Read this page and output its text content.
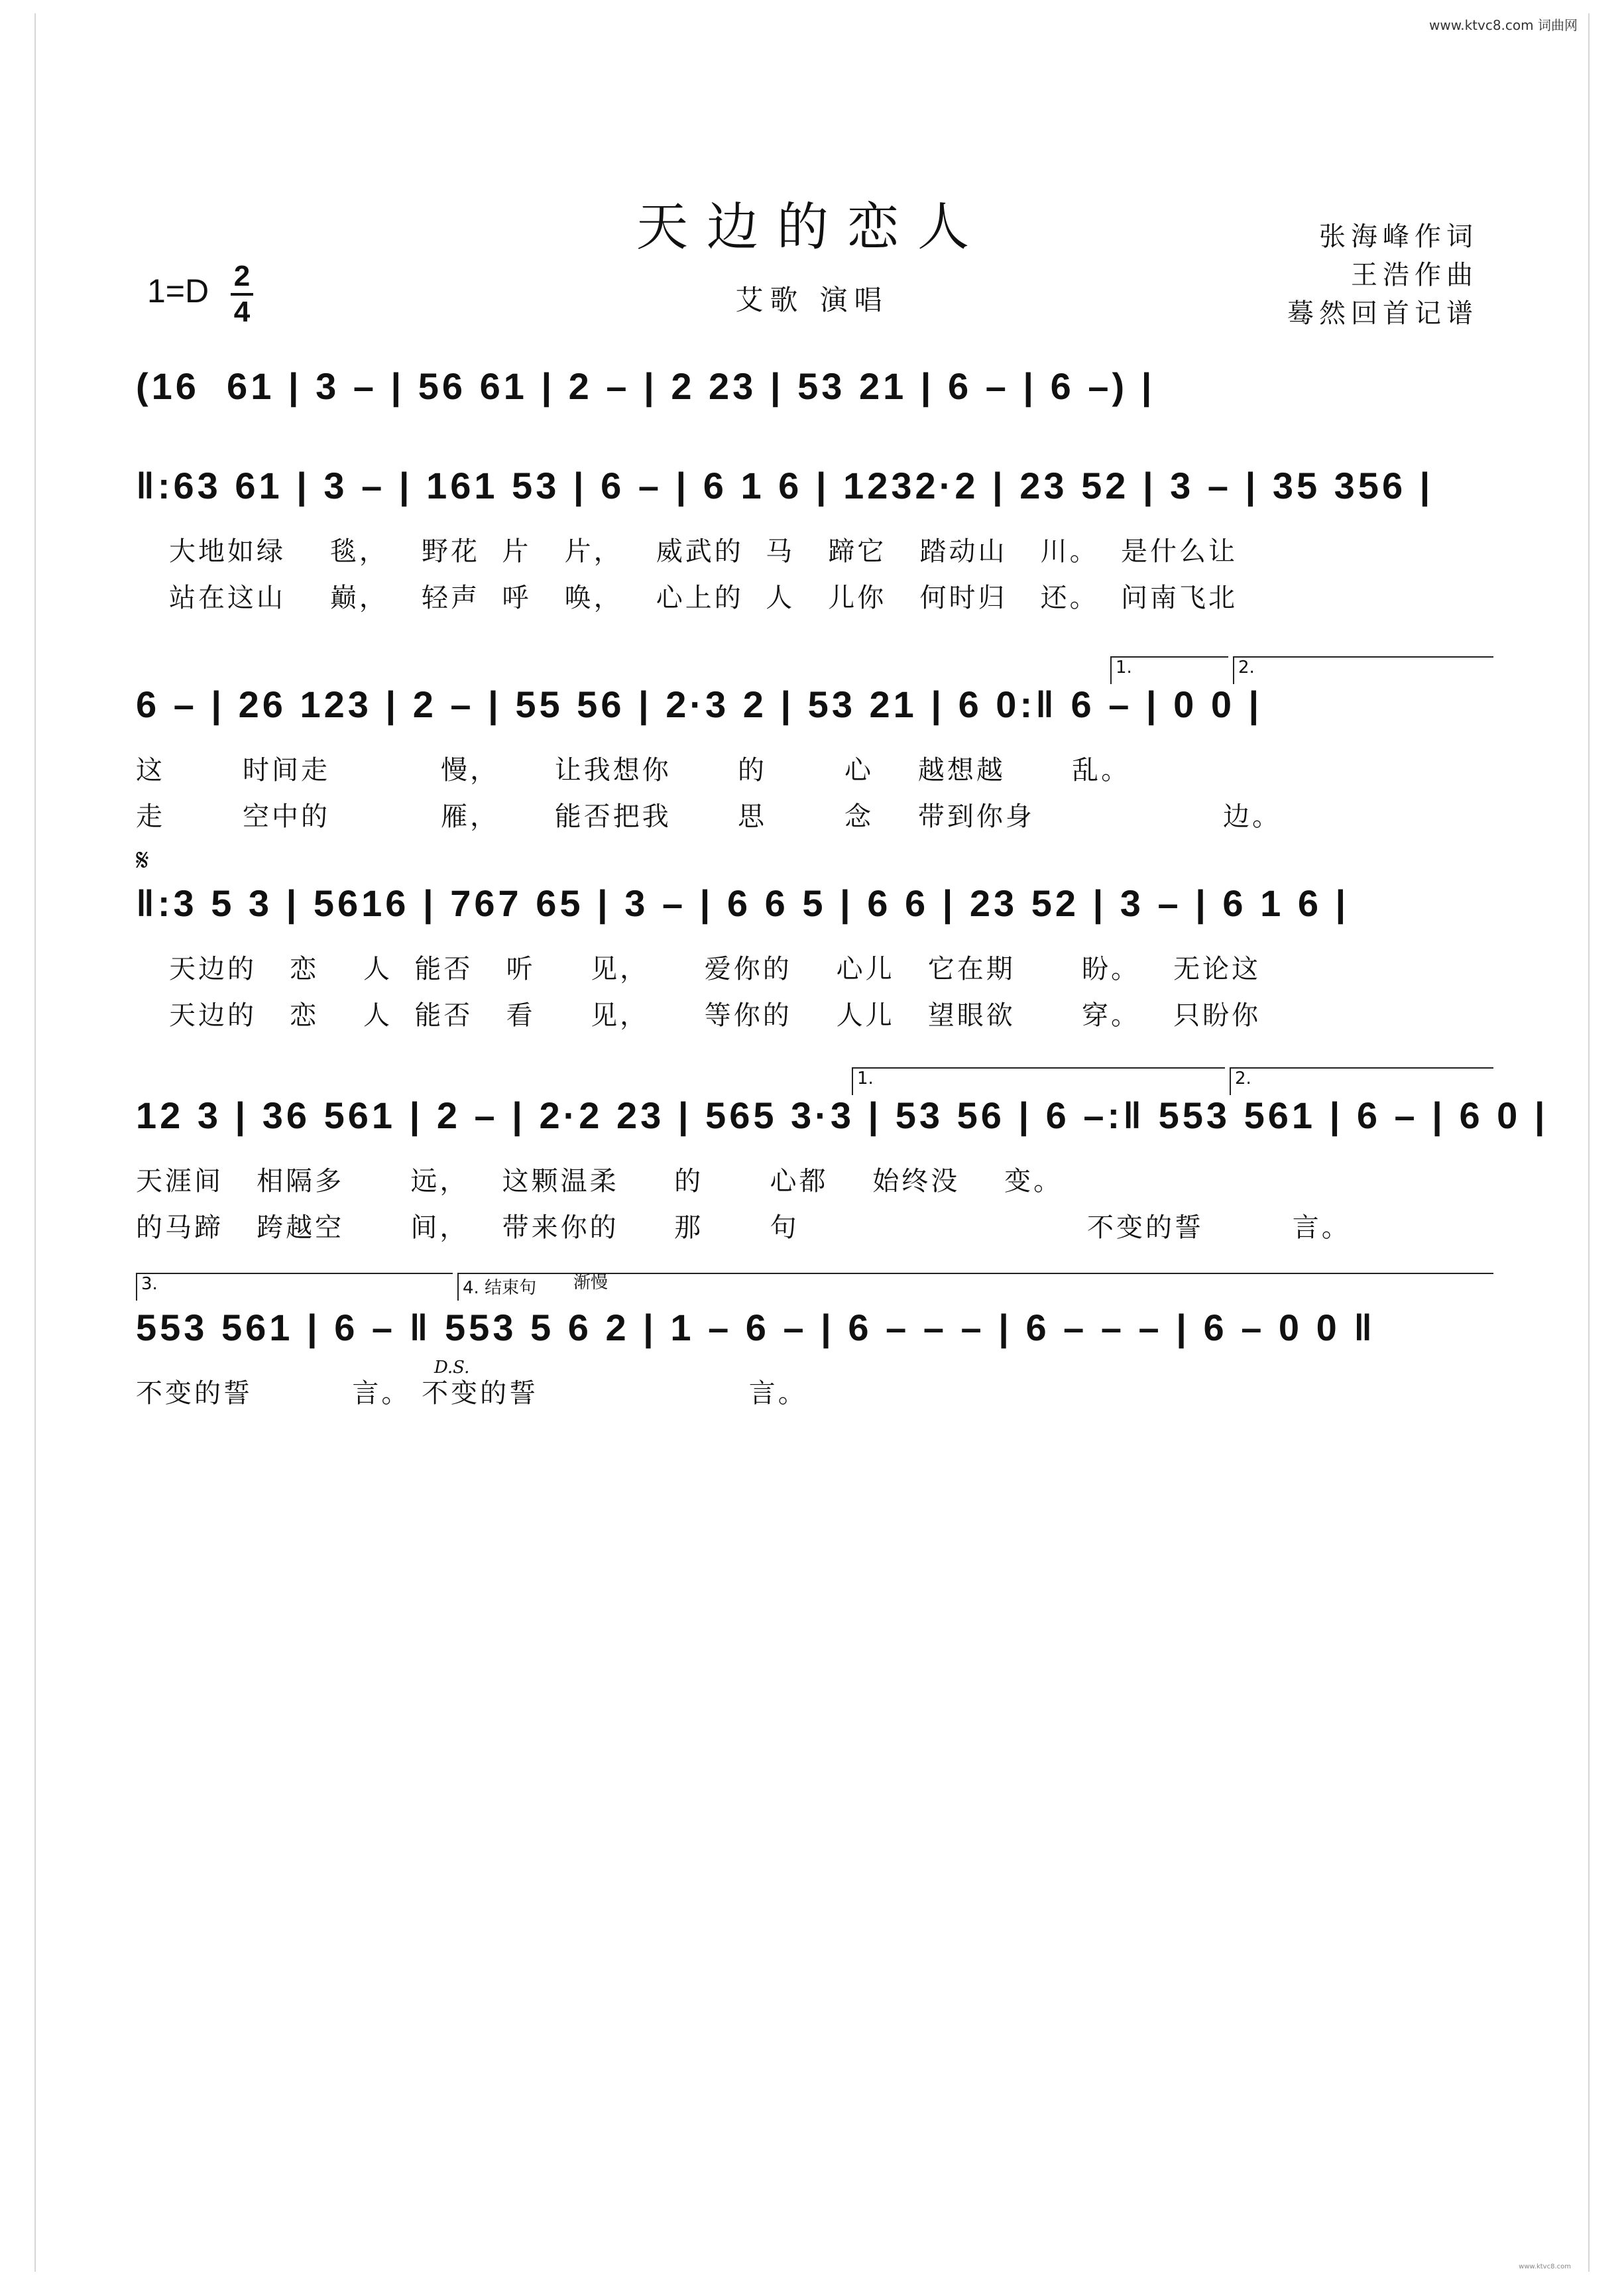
www.ktvc8.com 词曲网
天边的恋人
艾歌 演唱
张海峰作词
王浩作曲
蓦然回首记谱
1=D 2
4
(16  61 | 3 – | 56 61 | 2 – | 2 23 | 53 21 | 6 – | 6 –) |
‖:63 61 | 3 – | 161 53 | 6 – | 6 1 6 | 1232·2 | 23 52 | 3 – | 35 356 |
大地如绿    毯，   野花  片   片，   威武的  马   蹄它   踏动山   川。  是什么让
站在这山    巅，   轻声  呼   唤，   心上的  人   儿你   何时归   还。  问南飞北
1.	2.
6 – | 26 123 | 2 – | 55 56 | 2·3 2 | 53 21 | 6 0:‖ 6 – | 0 0 |
这       时间走          慢，     让我想你      的       心    越想越      乱。
走       空中的          雁，     能否把我      思       念    带到你身                 边。
𝄋
‖:3 5 3 | 5616 | 767 65 | 3 – | 6 6 5 | 6 6 | 23 52 | 3 – | 6 1 6 |
天边的   恋    人  能否   听     见，     爱你的    心儿   它在期      盼。   无论这
天边的   恋    人  能否   看     见，     等你的    人儿   望眼欲      穿。   只盼你
1.	2.
12 3 | 36 561 | 2 – | 2·2 23 | 565 3·3 | 53 56 | 6 –:‖ 553 561 | 6 – | 6 0 |
天涯间   相隔多      远，   这颗温柔     的      心都    始终没    变。
的马蹄   跨越空      间，   带来你的     那      句                          不变的誓        言。
3.	4. 结束句	渐慢
553 561 | 6 – ‖ 553 5 6 2 | 1 – 6 – | 6 – – – | 6 – – – | 6 – 0 0 ‖
D.S.
不变的誓         言。 不变的誓                   言。
www.ktvc8.com
